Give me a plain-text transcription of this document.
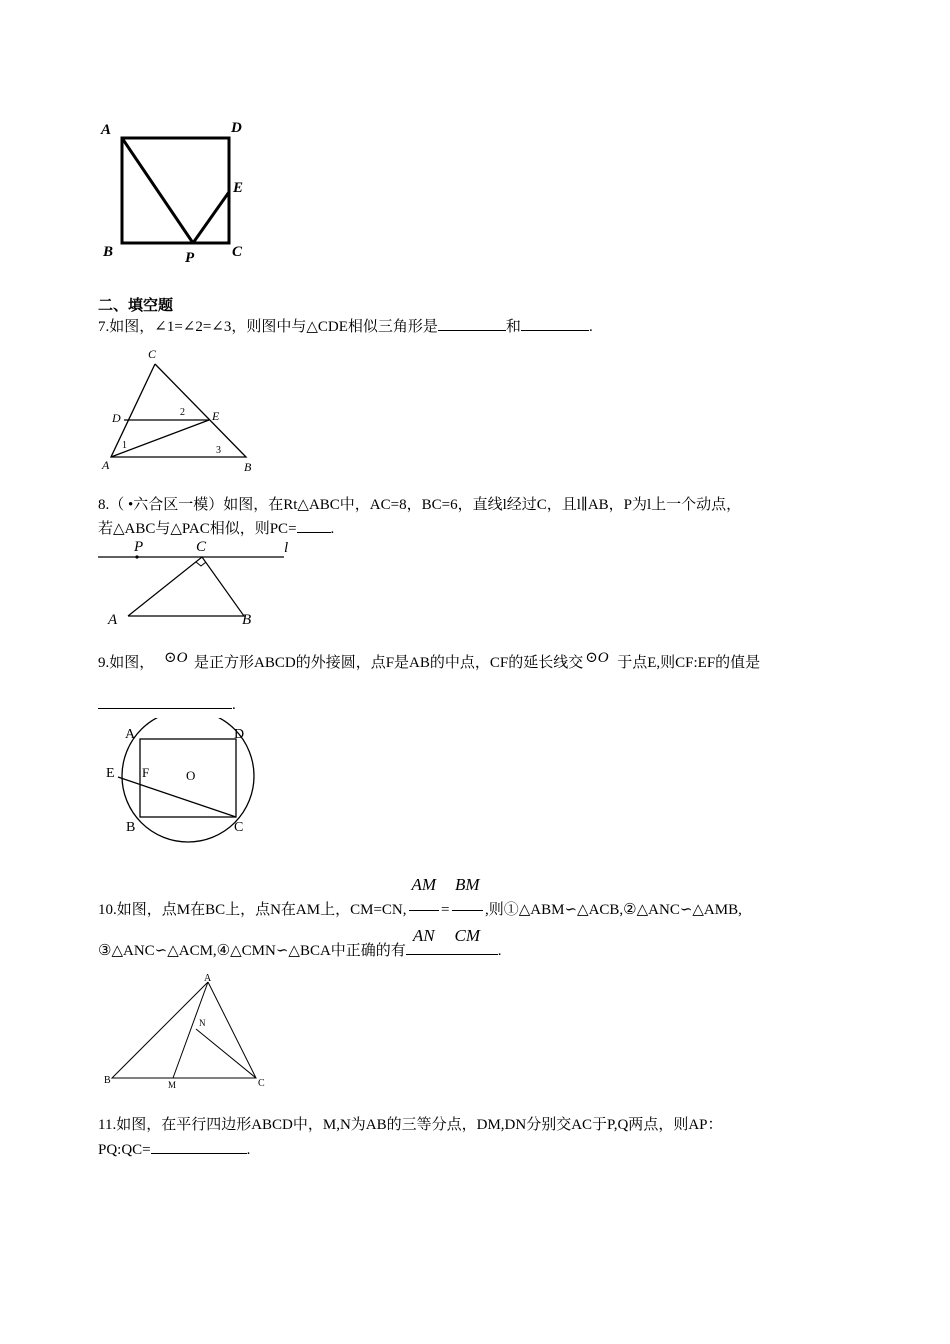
A	D
E
B	P	C
二、填空题
7.如图，∠1=∠2=∠3，则图中与△CDE相似三角形是	和	.
C
D	E
A	B
1
2
3
8.（ •六合区一模）如图，在Rt△ABC中，AC=8，BC=6，直线l经过C，且l∥AB，P为l上一个动点，
若△ABC与△PAC相似，则PC= .
P	C	l
A	B
9.如图， ⊙O 是正方形ABCD的外接圆，点F是AB的中点，CF的延长线交 ⊙O 于点E,则CF:EF的值是
.
A	D
E F	O
B	C
10.如图，点M在BC上，点N在AM上，CM=CN, $\frac{AM}{AN} = \frac{BM}{CM}$ ,则①△ABM∽△ACB,②△ANC∽△AMB,
③△ANC∽△ACM,④△CMN∽△BCA中正确的有	.
A
N
B	M	C
11.如图，在平行四边形ABCD中，M,N为AB的三等分点，DM,DN分别交AC于P,Q两点，则AP：
PQ:QC=	.
